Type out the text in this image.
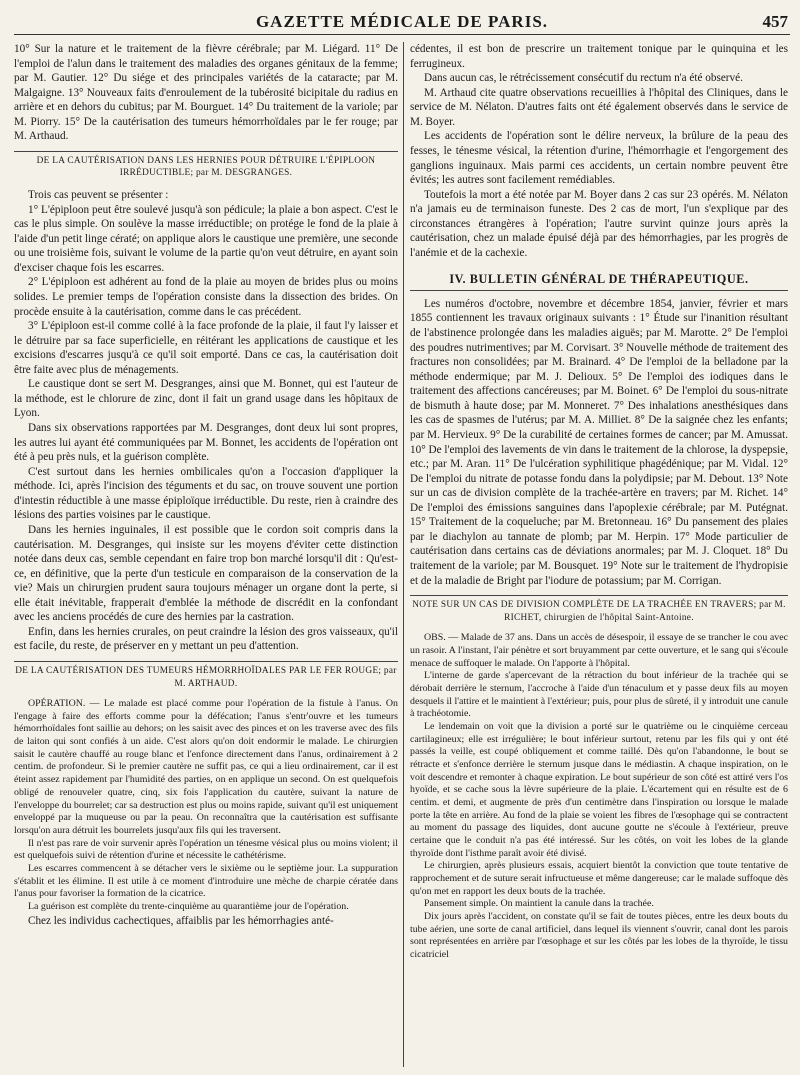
GAZETTE MÉDICALE DE PARIS.	457

10° Sur la nature et le traitement de la fièvre cérébrale; par M. Liégard. 11° De l'emploi de l'alun dans le traitement des maladies des organes génitaux de la femme; par M. Gautier. 12° Du siége et des principales variétés de la cataracte; par M. Malgaigne. 13° Nouveaux faits d'enroulement de la tubérosité bicipitale du radius en arrière et en dehors du cubitus; par M. Bourguet. 14° Du traitement de la variole; par M. Piorry. 15° De la cautérisation des tumeurs hémorrhoïdales par le fer rouge; par M. Arthaud.

DE LA CAUTÉRISATION DANS LES HERNIES POUR DÉTRUIRE L'ÉPIPLOON IRRÉDUCTIBLE; par M. DESGRANGES.

Trois cas peuvent se présenter :

1° L'épiploon peut être soulevé jusqu'à son pédicule; la plaie a bon aspect. C'est le cas le plus simple. On soulève la masse irréductible; on protége le fond de la plaie à l'aide d'un petit linge cératé; on applique alors le caustique une première, une seconde ou une troisième fois, suivant le volume de la partie qu'on veut détruire, en ayant soin d'exciser chaque fois les escarres.

2° L'épiploon est adhérent au fond de la plaie au moyen de brides plus ou moins solides. Le premier temps de l'opération consiste dans la dissection des brides. On procède ensuite à la cautérisation, comme dans le cas précédent.

3° L'épiploon est-il comme collé à la face profonde de la plaie, il faut l'y laisser et le détruire par sa face superficielle, en réitérant les applications de caustique et les excisions d'escarres jusqu'à ce qu'il soit emporté. Dans ce cas, la cautérisation doit être faite avec plus de ménagements.

Le caustique dont se sert M. Desgranges, ainsi que M. Bonnet, qui est l'auteur de la méthode, est le chlorure de zinc, dont il fait un grand usage dans les hôpitaux de Lyon.

Dans six observations rapportées par M. Desgranges, dont deux lui sont propres, les autres lui ayant été communiquées par M. Bonnet, les accidents de l'opération ont été à peu près nuls, et la guérison complète.

C'est surtout dans les hernies ombilicales qu'on a l'occasion d'appliquer la méthode. Ici, après l'incision des téguments et du sac, on trouve souvent une portion d'intestin réductible à une masse épiploïque irréductible. Du reste, rien à craindre des lésions des parties voisines par le caustique.

Dans les hernies inguinales, il est possible que le cordon soit compris dans la cautérisation. M. Desgranges, qui insiste sur les moyens d'éviter cette distinction notée dans deux cas, semble cependant en faire trop bon marché lorsqu'il dit : Qu'est-ce, en définitive, que la perte d'un testicule en comparaison de la conservation de la vie? Mais un chirurgien prudent saura toujours ménager un organe dont la perte, si elle était inévitable, frapperait d'emblée la méthode de discrédit en la confondant avec les anciens procédés de cure des hernies par la castration.

Enfin, dans les hernies crurales, on peut craindre la lésion des gros vaisseaux, qu'il est facile, du reste, de préserver en y mettant un peu d'attention.

DE LA CAUTÉRISATION DES TUMEURS HÉMORRHOÏDALES PAR LE FER ROUGE; par M. ARTHAUD.

OPÉRATION. — Le malade est placé comme pour l'opération de la fistule à l'anus. On l'engage à faire des efforts comme pour la défécation; l'anus s'entr'ouvre et les tumeurs hémorrhoïdales font saillie au dehors; on les saisit avec des pinces et on les traverse avec des fils de laiton qui sont confiés à un aide. C'est alors qu'on doit endormir le malade. Le chirurgien saisit le cautère chauffé au rouge blanc et l'enfonce directement dans l'anus, ordinairement à 2 centim. de profondeur. Si le premier cautère ne suffit pas, ce qui a lieu ordinairement, car il est éteint assez rapidement par l'humidité des parties, on en applique un second. On est quelquefois obligé de renouveler quatre, cinq, six fois l'application du cautère, suivant la nature de l'enveloppe du bourrelet; car sa destruction est plus ou moins rapide, suivant qu'il est uniquement enveloppé par la muqueuse ou par la peau. On reconnaîtra que la cautérisation est suffisante lorsqu'on aura détruit les bourrelets jusqu'aux fils qui les traversent.

Il n'est pas rare de voir survenir après l'opération un ténesme vésical plus ou moins violent; il est quelquefois suivi de rétention d'urine et nécessite le cathétérisme.

Les escarres commencent à se détacher vers le sixième ou le septième jour. La suppuration s'établit et les élimine. Il est utile à ce moment d'introduire une mèche de charpie cératée dans l'anus pour favoriser la formation de la cicatrice.

La guérison est complète du trente-cinquième au quarantième jour de l'opération.

Chez les individus cachectiques, affaiblis par les hémorrhagies anté-

cédentes, il est bon de prescrire un traitement tonique par le quinquina et les ferrugineux.

Dans aucun cas, le rétrécissement consécutif du rectum n'a été observé.

M. Arthaud cite quatre observations recueillies à l'hôpital des Cliniques, dans le service de M. Nélaton. D'autres faits ont été également observés dans le service de M. Boyer.

Les accidents de l'opération sont le délire nerveux, la brûlure de la peau des fesses, le ténesme vésical, la rétention d'urine, l'hémorrhagie et l'engorgement des ganglions inguinaux. Mais parmi ces accidents, un certain nombre peuvent être évités; les autres sont facilement remédiables.

Toutefois la mort a été notée par M. Boyer dans 2 cas sur 23 opérés. M. Nélaton n'a jamais eu de terminaison funeste. Des 2 cas de mort, l'un s'explique par des circonstances étrangères à l'opération; l'autre survint quinze jours après la cautérisation, chez un malade épuisé déjà par des hémorrhagies, par les progrès de l'anémie et de la cachexie.

IV. BULLETIN GÉNÉRAL DE THÉRAPEUTIQUE.

Les numéros d'octobre, novembre et décembre 1854, janvier, février et mars 1855 contiennent les travaux originaux suivants : 1° Étude sur l'inanition résultant de l'abstinence prolongée dans les maladies aiguës; par M. Marotte. 2° De l'emploi des poudres nutrimentives; par M. Corvisart. 3° Nouvelle méthode de traitement des fractures non consolidées; par M. Brainard. 4° De l'emploi de la belladone par la méthode endermique; par M. J. Delioux. 5° De l'emploi des iodiques dans le traitement des affections cancéreuses; par M. Boinet. 6° De l'emploi du sous-nitrate de bismuth à haute dose; par M. Monneret. 7° Des inhalations anesthésiques dans les cas de spasmes de l'utérus; par M. A. Milliet. 8° De la saignée chez les enfants; par M. Hervieux. 9° De la curabilité de certaines formes de cancer; par M. Amussat. 10° De l'emploi des lavements de vin dans le traitement de la chlorose, la dyspepsie, etc.; par M. Aran. 11° De l'ulcération syphilitique phagédénique; par M. Vidal. 12° De l'emploi du nitrate de potasse fondu dans la polydipsie; par M. Debout. 13° Note sur un cas de division complète de la trachée-artère en travers; par M. Richet. 14° De l'emploi des émissions sanguines dans l'apoplexie cérébrale; par M. Putégnat. 15° Traitement de la coqueluche; par M. Bretonneau. 16° Du pansement des plaies par le diachylon au tannate de plomb; par M. Herpin. 17° Mode particulier de cautérisation dans certains cas de déviations anormales; par M. J. Cloquet. 18° Du traitement de la variole; par M. Bousquet. 19° Note sur le traitement de l'hydropisie et de la maladie de Bright par l'iodure de potassium; par M. Corrigan.

NOTE SUR UN CAS DE DIVISION COMPLÈTE DE LA TRACHÉE EN TRAVERS; par M. RICHET, chirurgien de l'hôpital Saint-Antoine.

OBS. — Malade de 37 ans. Dans un accès de désespoir, il essaye de se trancher le cou avec un rasoir. A l'instant, l'air pénètre et sort bruyamment par cette ouverture, et le sang qui s'écoule menace de suffoquer le malade. On l'apporte à l'hôpital.

L'interne de garde s'apercevant de la rétraction du bout inférieur de la trachée qui se dérobait derrière le sternum, l'accroche à l'aide d'un ténaculum et y passe deux fils au moyen desquels il l'attire et le maintient à l'extérieur; puis, pour plus de sûreté, il y introduit une canule à trachéotomie.

Le lendemain on voit que la division a porté sur le quatrième ou le cinquième cerceau cartilagineux; elle est irrégulière; le bout inférieur surtout, retenu par les fils qui y ont été passés la veille, est coupé obliquement et comme taillé. Dès qu'on l'abandonne, le bout se rétracte et s'enfonce derrière le sternum jusque dans le médiastin. A chaque inspiration, on le voit descendre et remonter à chaque expiration. Le bout supérieur de son côté est attiré vers l'os hyoïde, et se cache sous la lèvre supérieure de la plaie. L'écartement qui en résulte est de 6 centim. et demi, et augmente de près d'un centimètre dans l'inspiration ou lorsque le malade porte la tête en arrière. Au fond de la plaie se voient les fibres de l'œsophage qui se contractent au moment du passage des liquides, dont aucune goutte ne s'écoule à l'extérieur, preuve certaine que le conduit n'a pas été intéressé. Sur les côtés, on voit les lobes de la glande thyroïde dont l'isthme paraît avoir été divisé.

Le chirurgien, après plusieurs essais, acquiert bientôt la conviction que toute tentative de rapprochement et de suture serait infructueuse et même dangereuse; car le malade suffoque dès qu'on met en rapport les deux bouts de la trachée.

Pansement simple. On maintient la canule dans la trachée.

Dix jours après l'accident, on constate qu'il se fait de toutes pièces, entre les deux bouts du tube aérien, une sorte de canal artificiel, dans lequel ils viennent s'ouvrir, canal dont les parois sont représentées en arrière par l'œsophage et sur les côtés par les lobes de la thyroïde, le tissu cicatriciel
